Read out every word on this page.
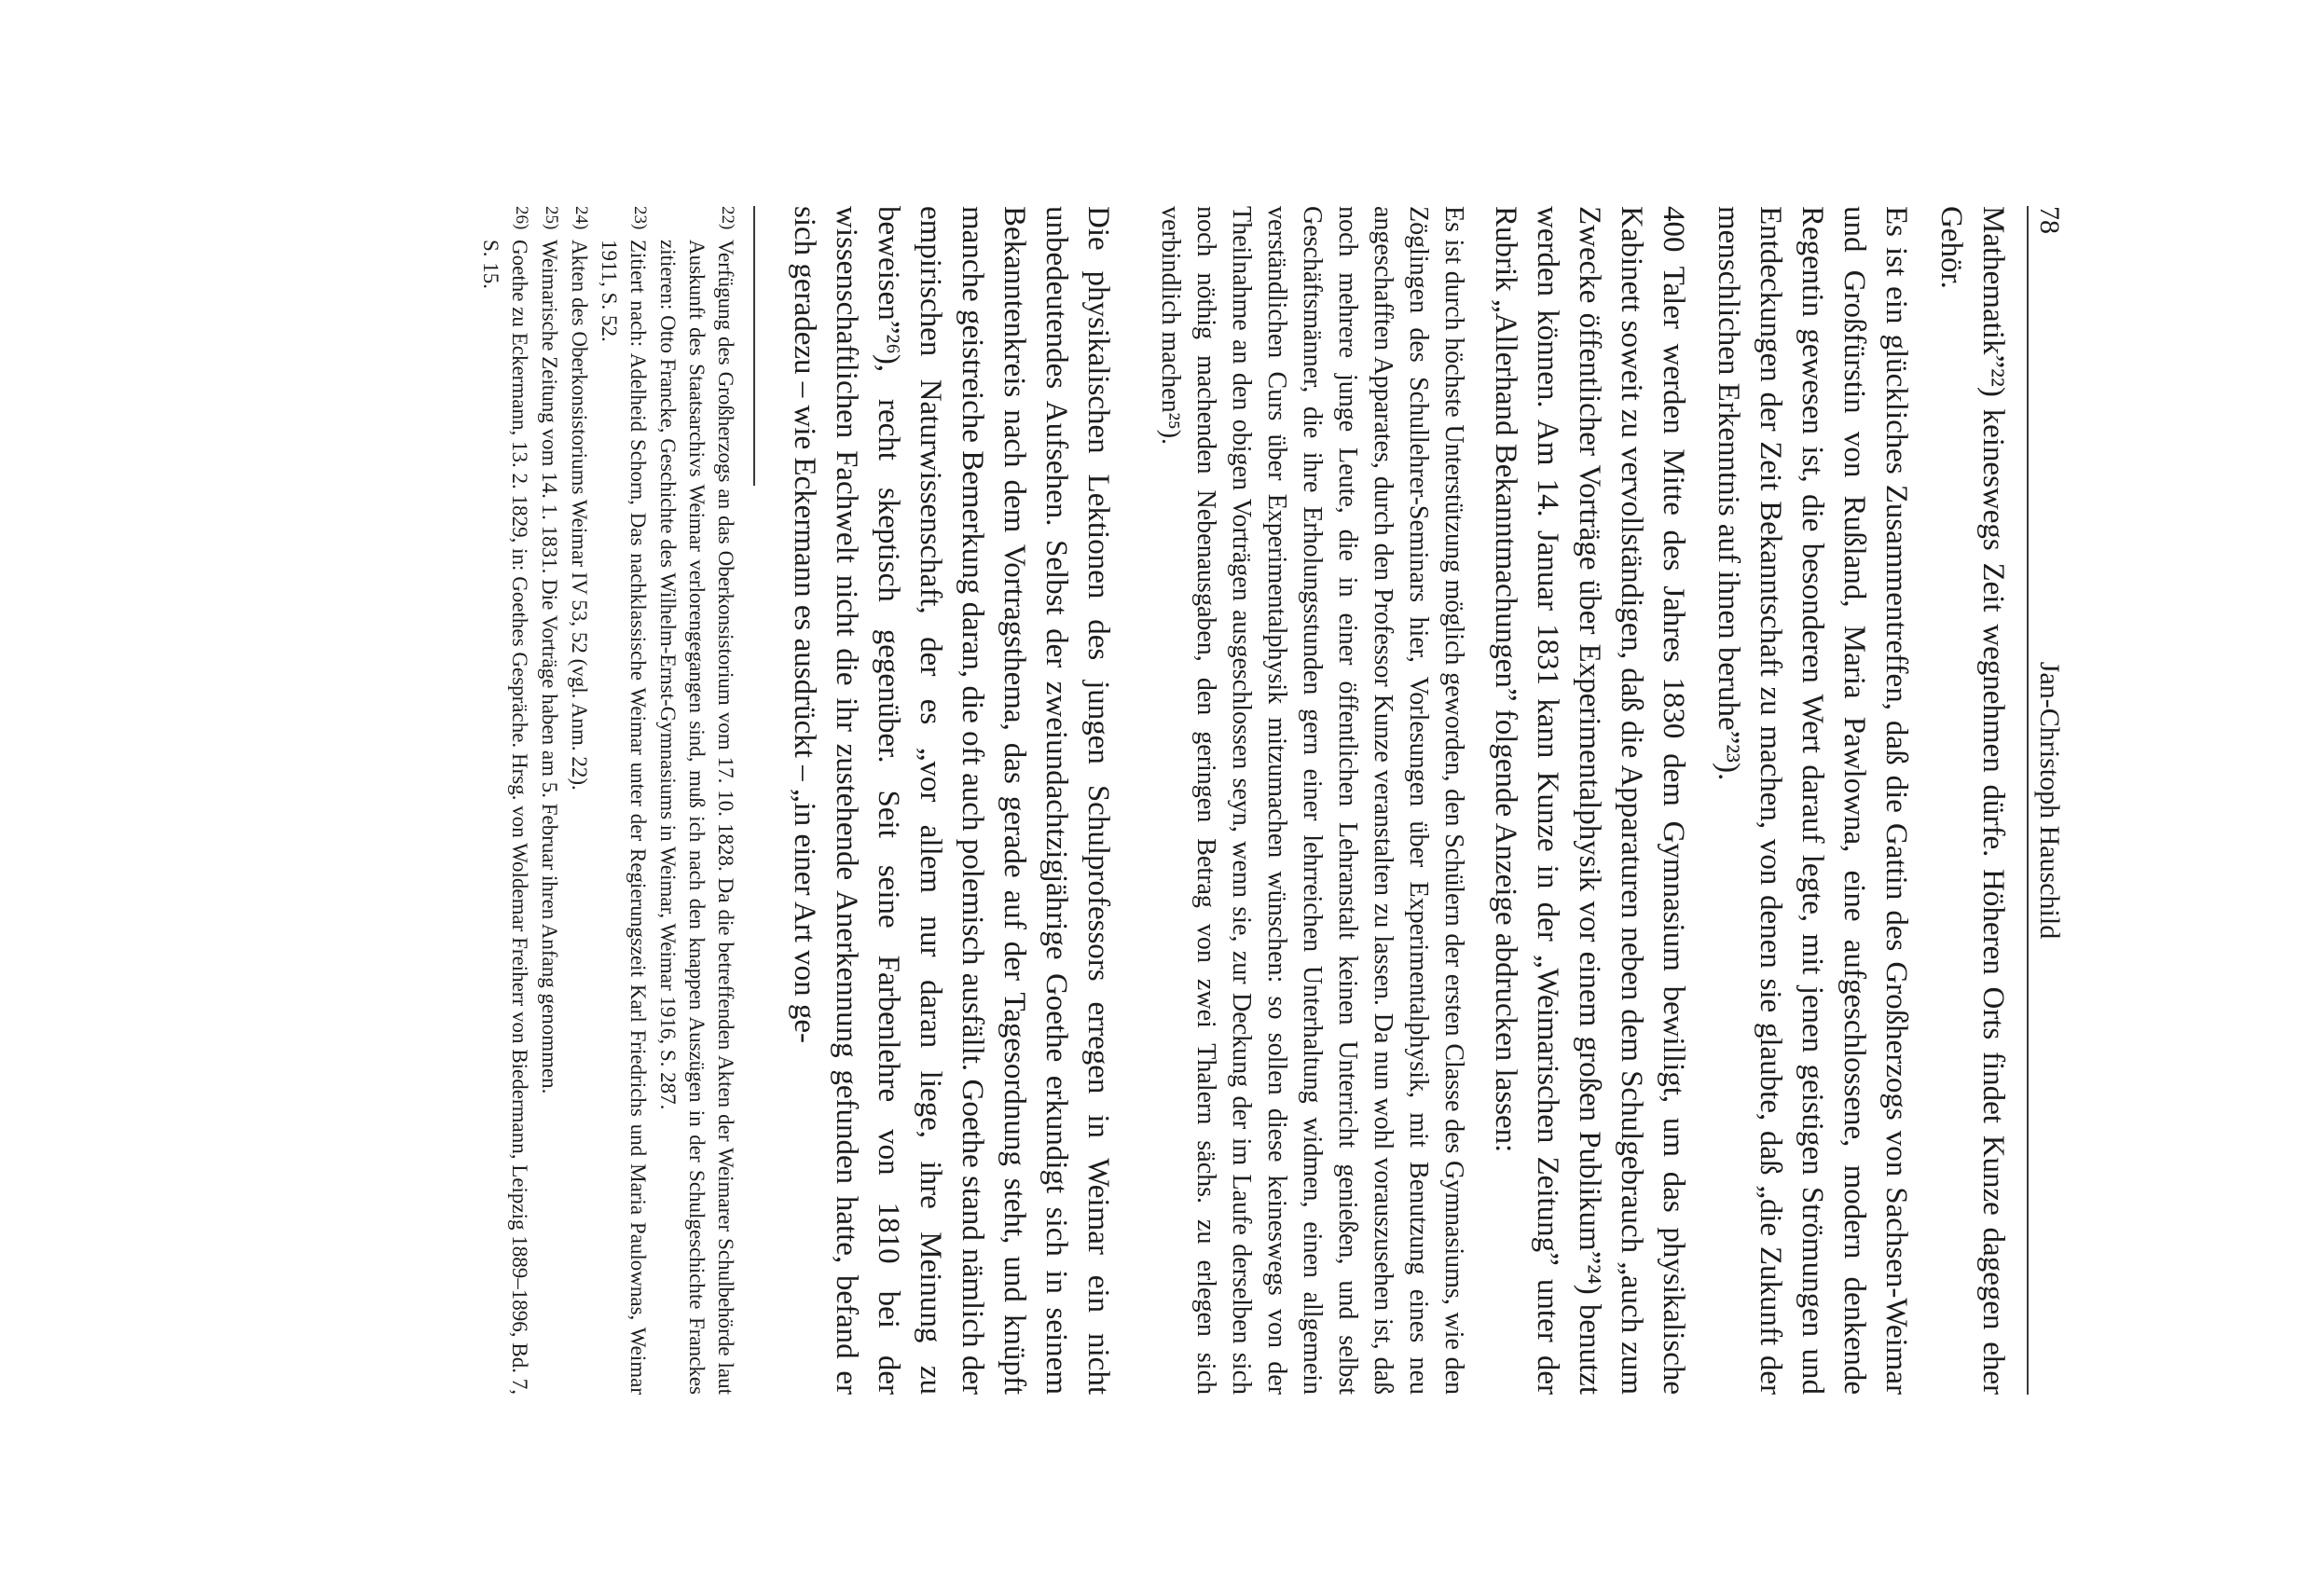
Jan-Christoph Hauschild
78

Mathematik”²²) keineswegs Zeit wegnehmen dürfe. Höheren Orts findet Kunze dagegen eher Gehör.

Es ist ein glückliches Zusammentreffen, daß die Gattin des Großherzogs von Sachsen-Weimar und Großfürstin von Rußland, Maria Pawlowna, eine aufgeschlossene, modern denkende Regentin gewesen ist, die besonderen Wert darauf legte, mit jenen geistigen Strömungen und Entdeckungen der Zeit Bekanntschaft zu machen, von denen sie glaubte, daß „die Zukunft der menschlichen Erkenntnis auf ihnen beruhe”²³).

400 Taler werden Mitte des Jahres 1830 dem Gymnasium bewilligt, um das physikalische Kabinett soweit zu vervollständigen, daß die Apparaturen neben dem Schulgebrauch „auch zum Zwecke öffentlicher Vorträge über Experimentalphysik vor einem großen Publikum”²⁴) benutzt werden können. Am 14. Januar 1831 kann Kunze in der „Weimarischen Zeitung” unter der Rubrik „Allerhand Bekanntmachungen” folgende Anzeige abdrucken lassen:

Es ist durch höchste Unterstützung möglich geworden, den Schülern der ersten Classe des Gymnasiums, wie den Zöglingen des Schullehrer-Seminars hier, Vorlesungen über Experimentalphysik, mit Benutzung eines neu angeschafften Apparates, durch den Professor Kunze veranstalten zu lassen. Da nun wohl vorauszusehen ist, daß noch mehrere junge Leute, die in einer öffentlichen Lehranstalt keinen Unterricht genießen, und selbst Geschäftsmänner, die ihre Erholungsstunden gern einer lehrreichen Unterhaltung widmen, einen allgemein verständlichen Curs über Experimentalphysik mitzumachen wünschen: so sollen diese keineswegs von der Theilnahme an den obigen Vorträgen ausgeschlossen seyn, wenn sie, zur Deckung der im Laufe derselben sich noch nöthig machenden Nebenausgaben, den geringen Betrag von zwei Thalern sächs. zu erlegen sich verbindlich machen²⁵).

Die physikalischen Lektionen des jungen Schulprofessors erregen in Weimar ein nicht unbedeutendes Aufsehen. Selbst der zweiundachtzigjährige Goethe erkundigt sich in seinem Bekanntenkreis nach dem Vortragsthema, das gerade auf der Tagesordnung steht, und knüpft manche geistreiche Bemerkung daran, die oft auch polemisch ausfällt. Goethe stand nämlich der empirischen Naturwissenschaft, der es „vor allem nur daran liege, ihre Meinung zu beweisen”²⁶), recht skeptisch gegenüber. Seit seine Farbenlehre von 1810 bei der wissenschaftlichen Fachwelt nicht die ihr zustehende Anerkennung gefunden hatte, befand er sich geradezu – wie Eckermann es ausdrückt – „in einer Art von ge-

22)
Verfügung des Großherzogs an das Oberkonsistorium vom 17. 10. 1828. Da die betreffenden Akten der Weimarer Schulbehörde laut Auskunft des Staatsarchivs Weimar verlorengegangen sind, muß ich nach den knappen Auszügen in der Schulgeschichte Franckes zitieren: Otto Francke, Geschichte des Wilhelm-Ernst-Gymnasiums in Weimar, Weimar 1916, S. 287.
23)
Zitiert nach: Adelheid Schorn, Das nachklassische Weimar unter der Regierungszeit Karl Friedrichs und Maria Paulownas, Weimar 1911, S. 52.
24)
Akten des Oberkonsistoriums Weimar IV 53, 52 (vgl. Anm. 22).
25)
Weimarische Zeitung vom 14. 1. 1831. Die Vorträge haben am 5. Februar ihren Anfang genommen.
26)
Goethe zu Eckermann, 13. 2. 1829, in: Goethes Gespräche. Hrsg. von Woldemar Freiherr von Biedermann, Leipzig 1889–1896, Bd. 7, S. 15.
